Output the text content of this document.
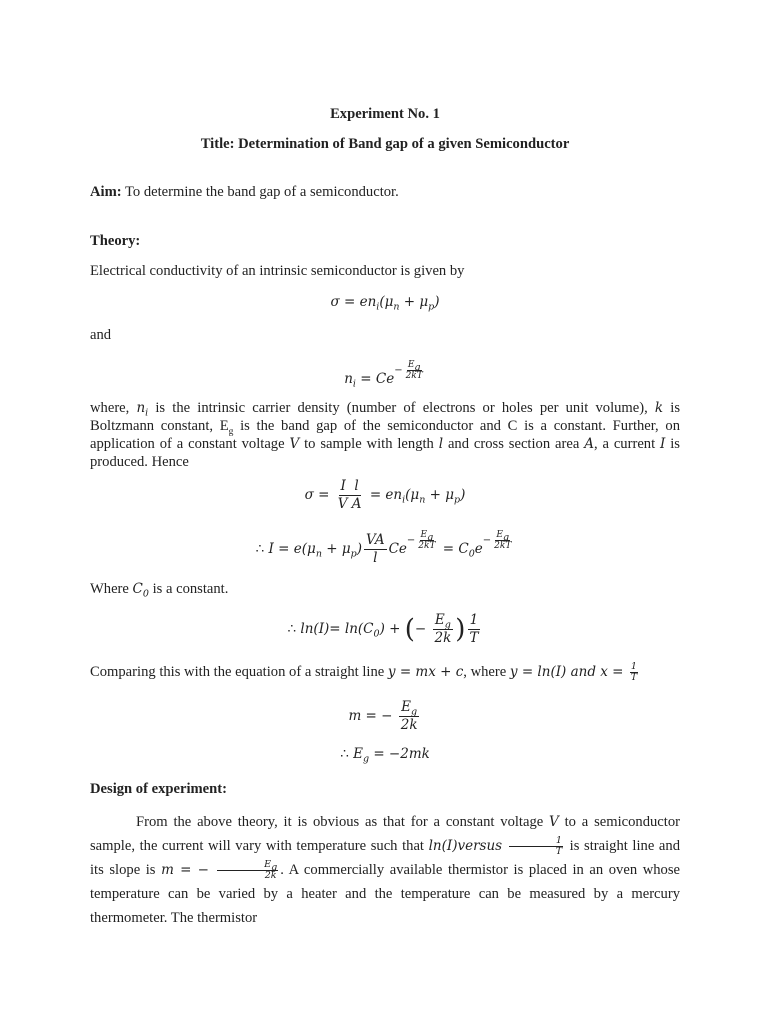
Experiment No. 1
Title: Determination of Band gap of a given Semiconductor
Aim: To determine the band gap of a semiconductor.
Theory:
Electrical conductivity of an intrinsic semiconductor is given by
$\sigma = en_i(\mu_n + \mu_p)$
and
$n_i = Ce- \frac{E_g}{2kT}$
where, $n_i$ is the intrinsic carrier density (number of electrons or holes per unit volume), k is Boltzmann constant, $E_g$ is the band gap of the semiconductor and C is a constant. Further, on application of a constant voltage V to sample with length l and cross section area A, a current I is produced. Hence
$\sigma = \frac{\text{I  l}}{\text{V A}} = en_i(\mu_n + \mu_p)$
∴ $I = e(\mu_n + \mu_p) \frac{VA}{l} Ce- \frac{E_g}{2kT} = C_0e- \frac{E_g}{2kT}$
Where $C_0$ is a constant.
∴ $\ln(I)= \ln(C_0)$ + (− $\frac{E_g}{2k}$ ) $\frac{1}{T}$
Comparing this with the equation of a straight line y = mx + c, where y = ln(I) and $x = \frac{1}{T}$
m = − $\frac{E_g}{2k}$
∴ $E_g = -2mk$
Design of experiment:
From the above theory, it is obvious as that for a constant voltage V to a semiconductor sample, the current will vary with temperature such that ln(I)versus $\frac{1}{T}$ is straight line and its slope is m = − $\frac{E_g}{2k}$ . A commercially available thermistor is placed in an oven whose temperature can be varied by a heater and the temperature can be measured by a mercury thermometer. The thermistor
